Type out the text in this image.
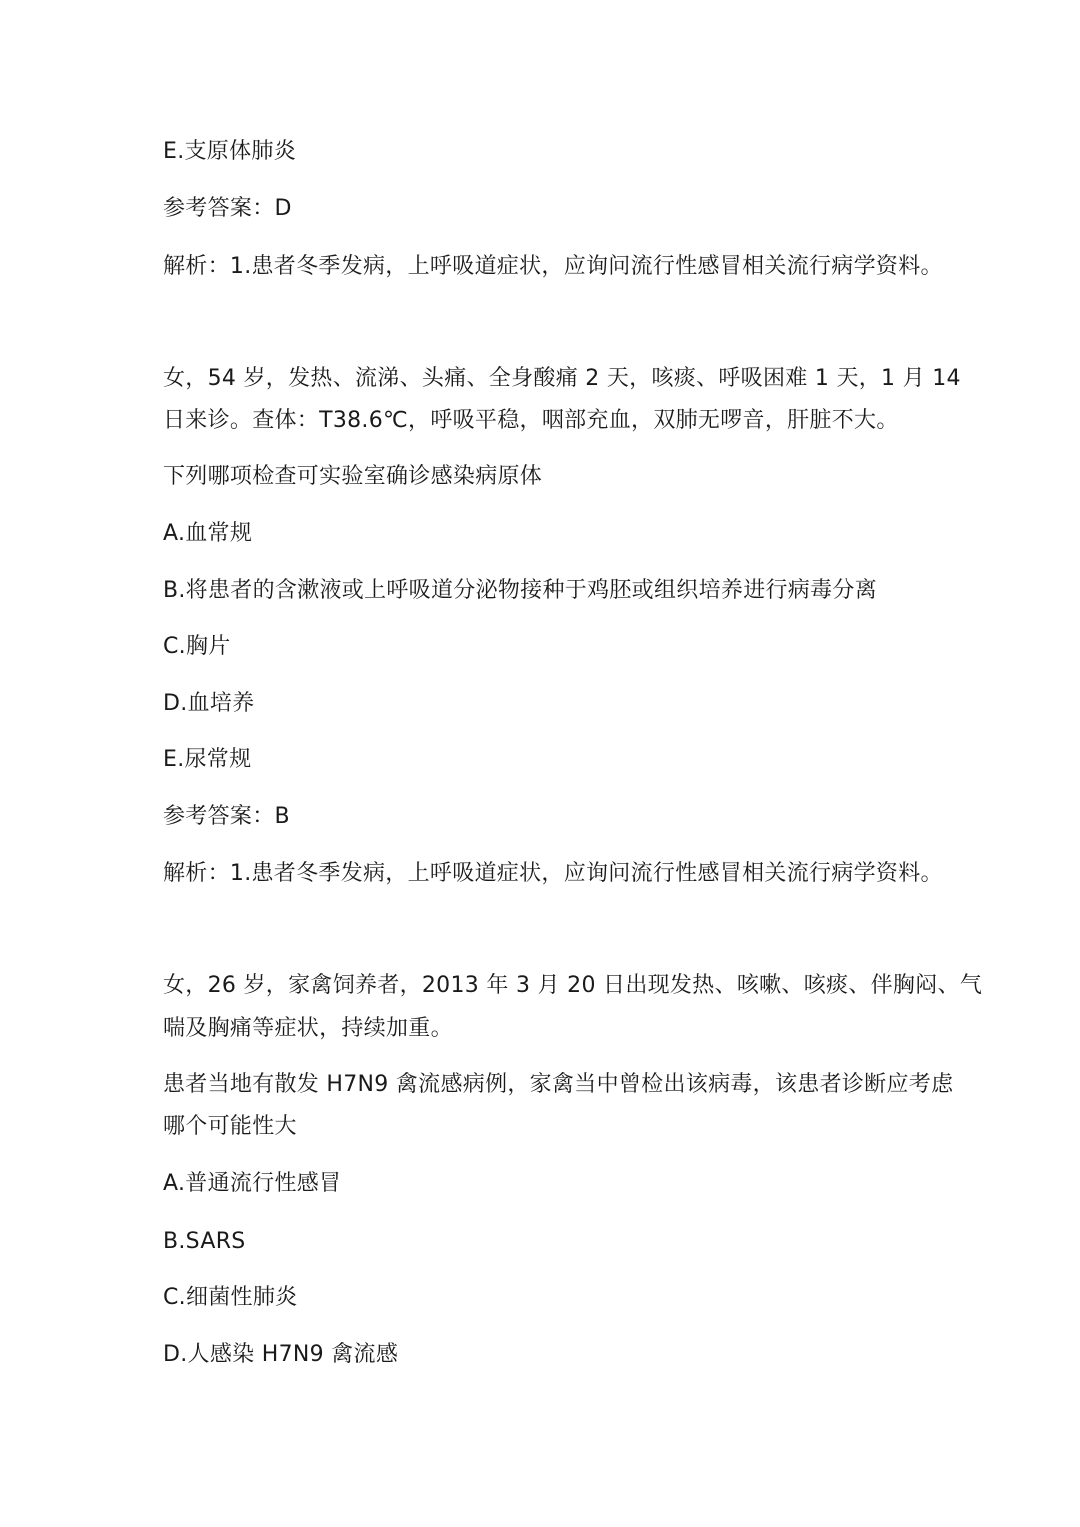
E.支原体肺炎
参考答案：D
解析：1.患者冬季发病，上呼吸道症状，应询问流行性感冒相关流行病学资料。
女，54 岁，发热、流涕、头痛、全身酸痛 2 天，咳痰、呼吸困难 1 天，1 月 14
日来诊。查体：T38.6℃，呼吸平稳，咽部充血，双肺无啰音，肝脏不大。
下列哪项检查可实验室确诊感染病原体
A.血常规
B.将患者的含漱液或上呼吸道分泌物接种于鸡胚或组织培养进行病毒分离
C.胸片
D.血培养
E.尿常规
参考答案：B
解析：1.患者冬季发病，上呼吸道症状，应询问流行性感冒相关流行病学资料。
女，26 岁，家禽饲养者，2013 年 3 月 20 日出现发热、咳嗽、咳痰、伴胸闷、气
喘及胸痛等症状，持续加重。
患者当地有散发 H7N9 禽流感病例，家禽当中曾检出该病毒，该患者诊断应考虑
哪个可能性大
A.普通流行性感冒
B.SARS
C.细菌性肺炎
D.人感染 H7N9 禽流感
